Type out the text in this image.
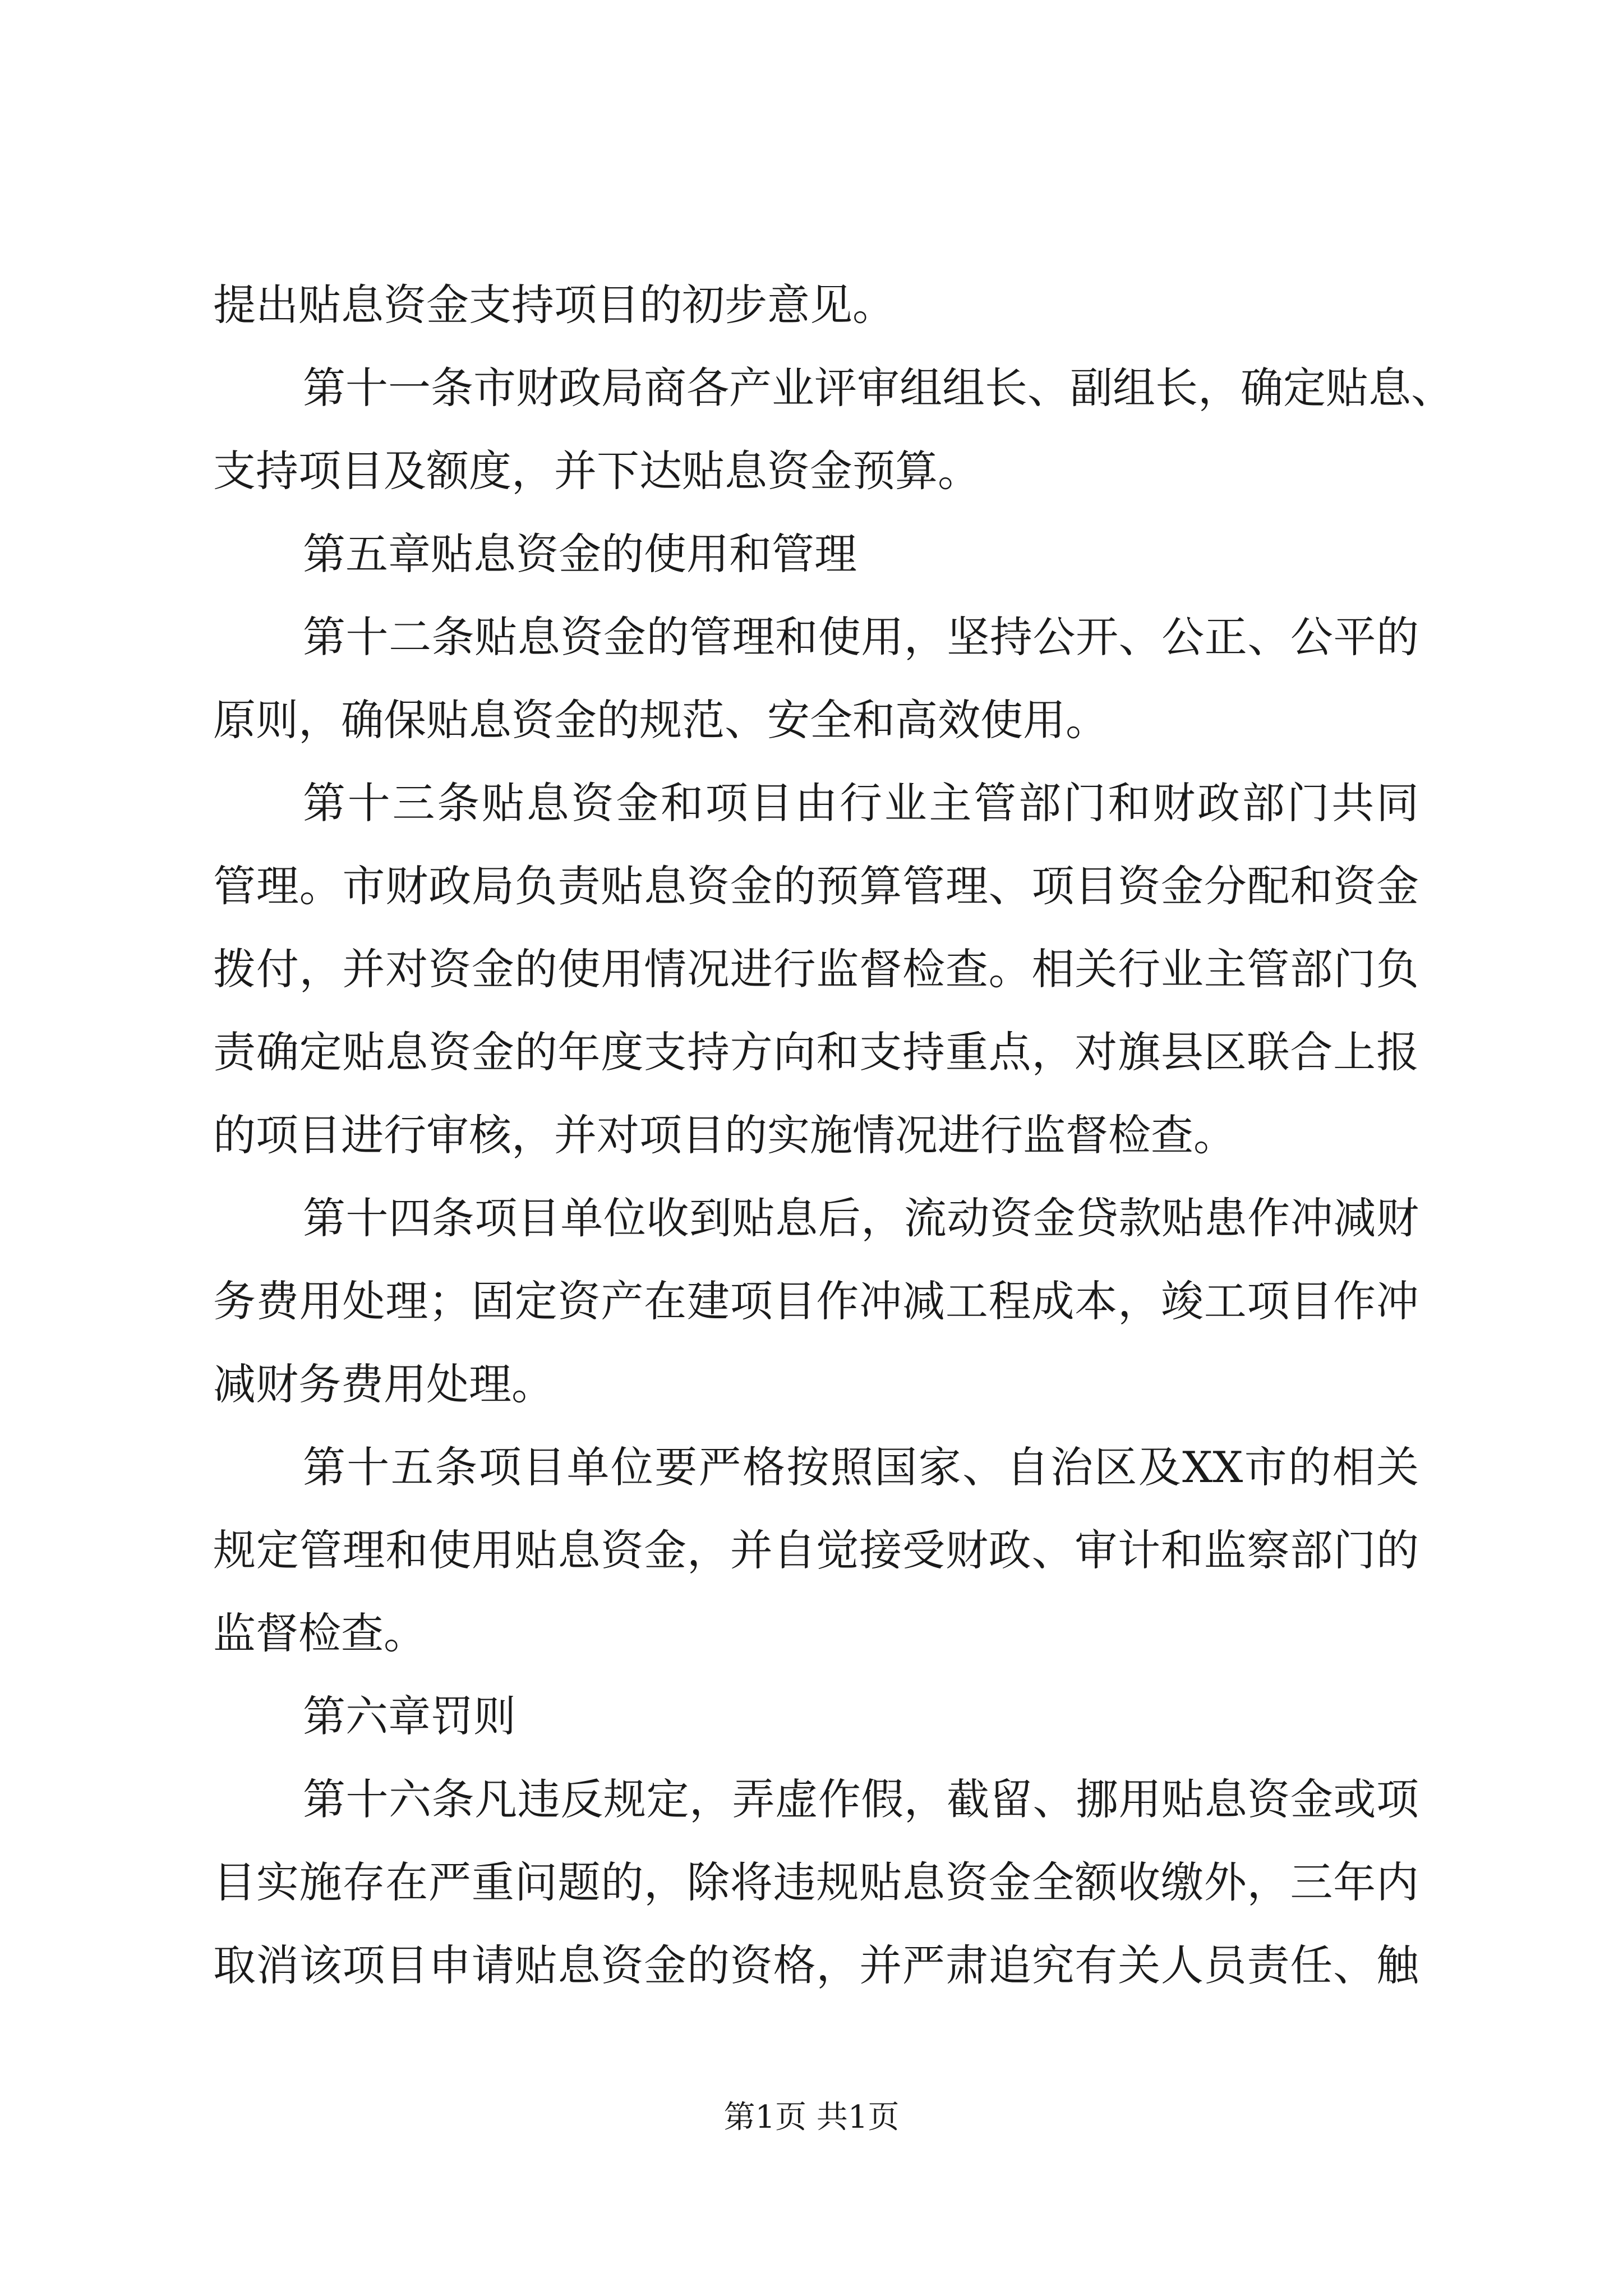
提出贴息资金支持项目的初步意见。
第十一条市财政局商各产业评审组组长、副组长，确定贴息、
支持项目及额度，并下达贴息资金预算。
第五章贴息资金的使用和管理
第十二条贴息资金的管理和使用，坚持公开、公正、公平的
原则，确保贴息资金的规范、安全和高效使用。
第十三条贴息资金和项目由行业主管部门和财政部门共同
管理。市财政局负责贴息资金的预算管理、项目资金分配和资金
拨付，并对资金的使用情况进行监督检查。相关行业主管部门负
责确定贴息资金的年度支持方向和支持重点，对旗县区联合上报
的项目进行审核，并对项目的实施情况进行监督检查。
第十四条项目单位收到贴息后，流动资金贷款贴患作冲减财
务费用处理；固定资产在建项目作冲减工程成本，竣工项目作冲
减财务费用处理。
第十五条项目单位要严格按照国家、自治区及XX市的相关
规定管理和使用贴息资金，并自觉接受财政、审计和监察部门的
监督检查。
第六章罚则
第十六条凡违反规定，弄虚作假，截留、挪用贴息资金或项
目实施存在严重问题的，除将违规贴息资金全额收缴外，三年内
取消该项目申请贴息资金的资格，并严肃追究有关人员责任、触
第1页 共1页
